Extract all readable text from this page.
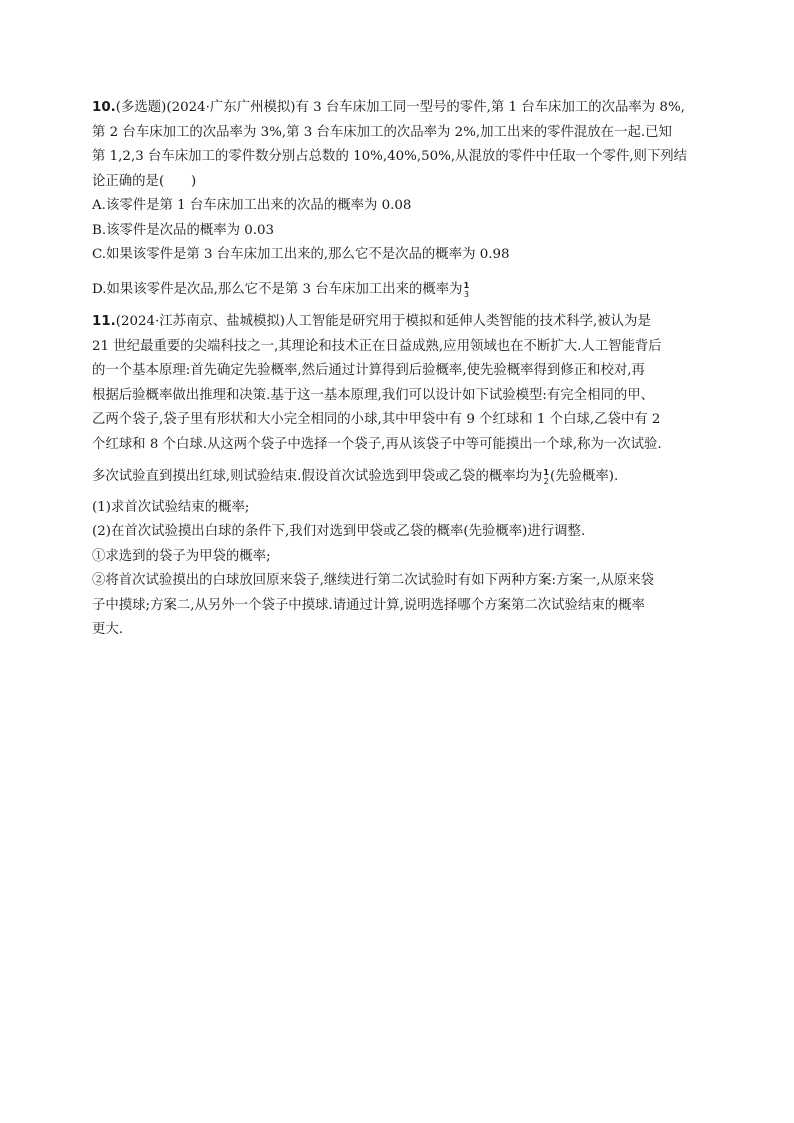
10.(多选题)(2024·广东广州模拟)有 3 台车床加工同一型号的零件,第 1 台车床加工的次品率为 8%,
第 2 台车床加工的次品率为 3%,第 3 台车床加工的次品率为 2%,加工出来的零件混放在一起.已知
第 1,2,3 台车床加工的零件数分别占总数的 10%,40%,50%,从混放的零件中任取一个零件,则下列结
论正确的是(　　)
A.该零件是第 1 台车床加工出来的次品的概率为 0.08
B.该零件是次品的概率为 0.03
C.如果该零件是第 3 台车床加工出来的,那么它不是次品的概率为 0.98
D.如果该零件是次品,那么它不是第 3 台车床加工出来的概率为 1
3
11.(2024·江苏南京、盐城模拟)人工智能是研究用于模拟和延伸人类智能的技术科学,被认为是
21 世纪最重要的尖端科技之一,其理论和技术正在日益成熟,应用领域也在不断扩大.人工智能背后
的一个基本原理:首先确定先验概率,然后通过计算得到后验概率,使先验概率得到修正和校对,再
根据后验概率做出推理和决策.基于这一基本原理,我们可以设计如下试验模型:有完全相同的甲、
乙两个袋子,袋子里有形状和大小完全相同的小球,其中甲袋中有 9 个红球和 1 个白球,乙袋中有 2
个红球和 8 个白球.从这两个袋子中选择一个袋子,再从该袋子中等可能摸出一个球,称为一次试验.
多次试验直到摸出红球,则试验结束.假设首次试验选到甲袋或乙袋的概率均为 1
2 (先验概率).
(1)求首次试验结束的概率;
(2)在首次试验摸出白球的条件下,我们对选到甲袋或乙袋的概率(先验概率)进行调整.
①求选到的袋子为甲袋的概率;
②将首次试验摸出的白球放回原来袋子,继续进行第二次试验时有如下两种方案:方案一,从原来袋
子中摸球;方案二,从另外一个袋子中摸球.请通过计算,说明选择哪个方案第二次试验结束的概率
更大.
